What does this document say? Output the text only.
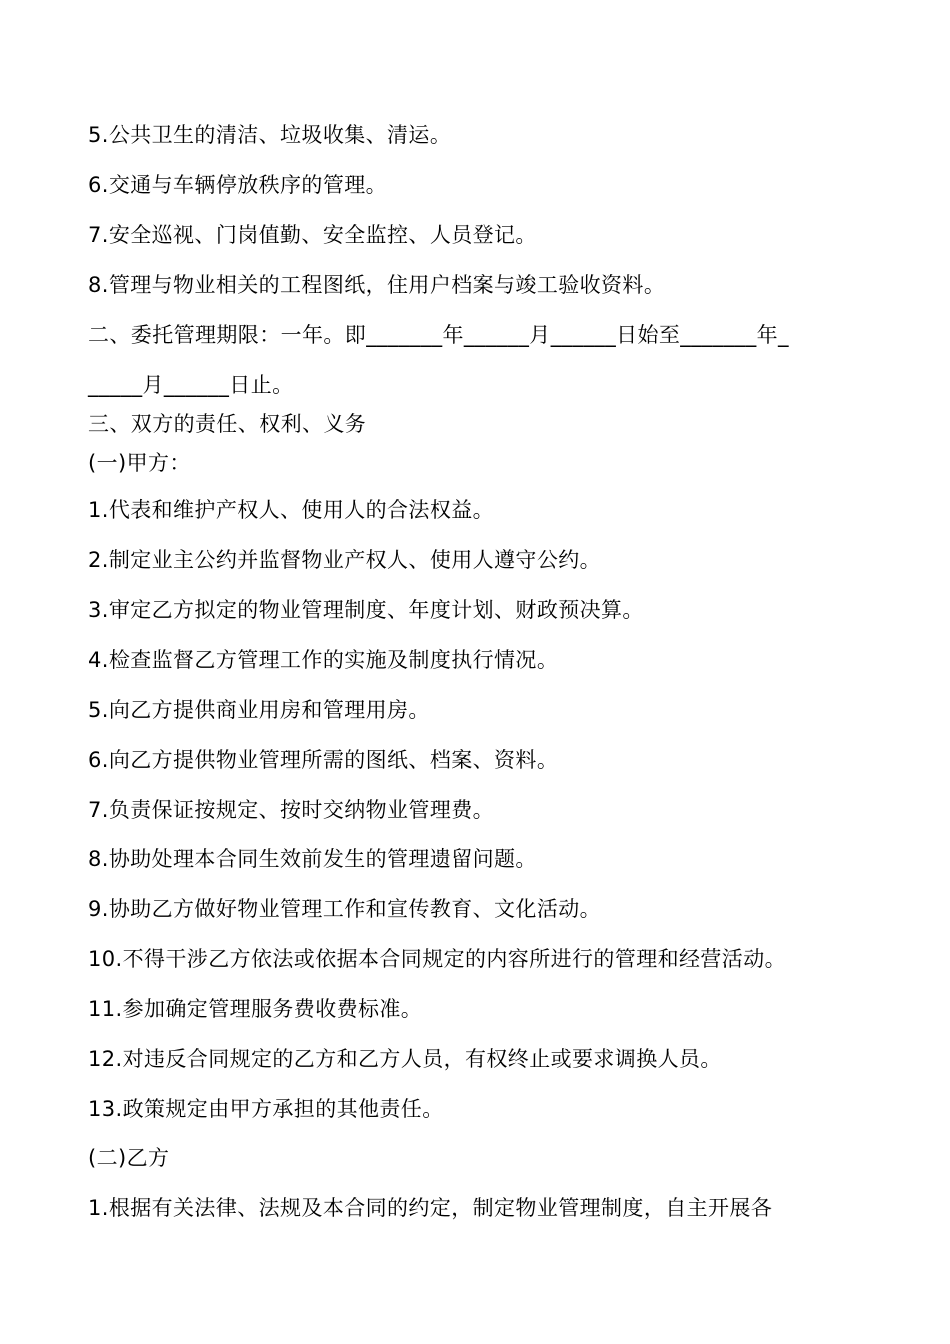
5.公共卫生的清洁、垃圾收集、清运。
6.交通与车辆停放秩序的管理。
7.安全巡视、门岗值勤、安全监控、人员登记。
8.管理与物业相关的工程图纸，住用户档案与竣工验收资料。
二、委托管理期限：一年。即_______年______月______日始至_______年_
_____月______日止。
三、双方的责任、权利、义务
(一)甲方：
1.代表和维护产权人、使用人的合法权益。
2.制定业主公约并监督物业产权人、使用人遵守公约。
3.审定乙方拟定的物业管理制度、年度计划、财政预决算。
4.检查监督乙方管理工作的实施及制度执行情况。
5.向乙方提供商业用房和管理用房。
6.向乙方提供物业管理所需的图纸、档案、资料。
7.负责保证按规定、按时交纳物业管理费。
8.协助处理本合同生效前发生的管理遗留问题。
9.协助乙方做好物业管理工作和宣传教育、文化活动。
10.不得干涉乙方依法或依据本合同规定的内容所进行的管理和经营活动。
11.参加确定管理服务费收费标准。
12.对违反合同规定的乙方和乙方人员，有权终止或要求调换人员。
13.政策规定由甲方承担的其他责任。
(二)乙方
1.根据有关法律、法规及本合同的约定，制定物业管理制度，自主开展各
